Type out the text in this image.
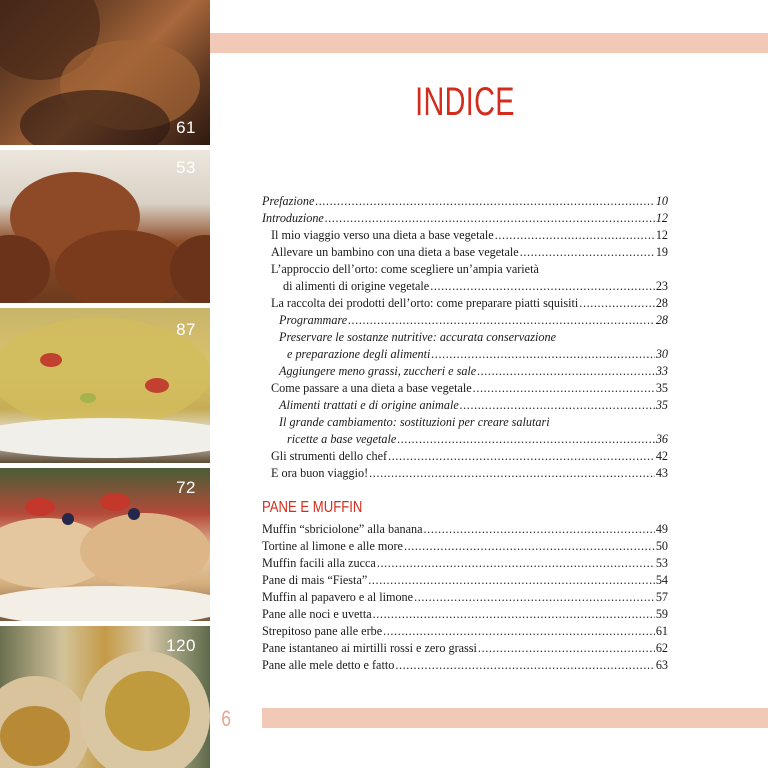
61
53
87
72
120
INDICE
6
Prefazione .....	10
Introduzione .....	12
Il mio viaggio verso una dieta a base vegetale .....	12
Allevare un bambino con una dieta a base vegetale .....	19
L’approccio dell’orto: come scegliere un’ampia varietà
di alimenti di origine vegetale .....	23
La raccolta dei prodotti dell’orto: come preparare piatti squisiti .....	28
Programmare .....	28
Preservare le sostanze nutritive: accurata conservazione
e preparazione degli alimenti .....	30
Aggiungere meno grassi, zuccheri e sale .....	33
Come passare a una dieta a base vegetale .....	35
Alimenti trattati e di origine animale .....	35
Il grande cambiamento: sostituzioni per creare salutari
ricette a base vegetale .....	36
Gli strumenti dello chef .....	42
E ora buon viaggio! .....	43
PANE E MUFFIN
Muffin “sbriciolone” alla banana .....	49
Tortine al limone e alle more .....	50
Muffin facili alla zucca .....	53
Pane di mais “Fiesta” .....	54
Muffin al papavero e al limone .....	57
Pane alle noci e uvetta .....	59
Strepitoso pane alle erbe .....	61
Pane istantaneo ai mirtilli rossi e zero grassi .....	62
Pane alle mele detto e fatto .....	63
